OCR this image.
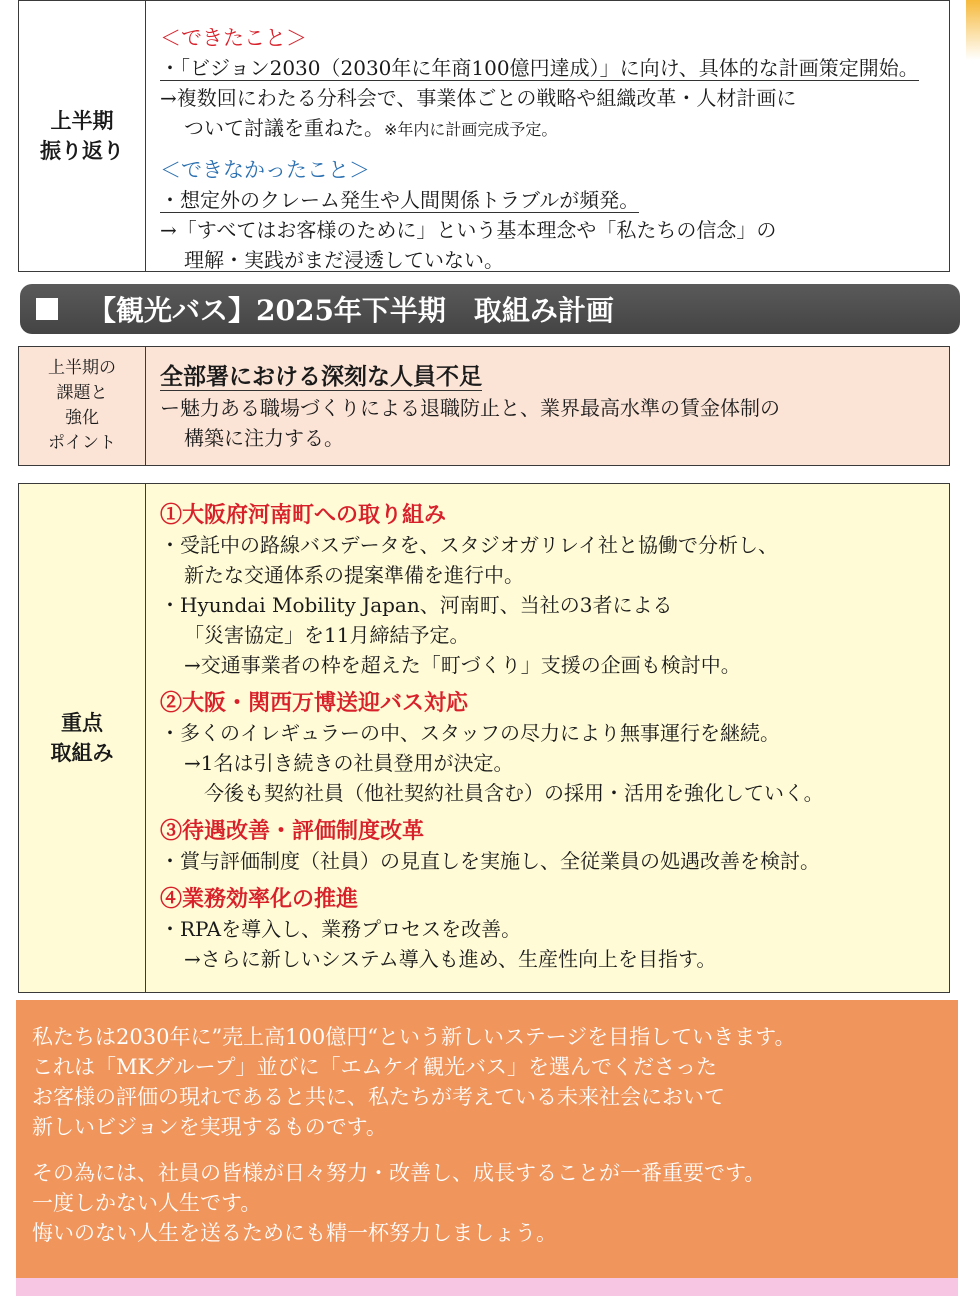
上半期
振り返り
＜できたこと＞
・「ビジョン2030（2030年に年商100億円達成）」に向け、具体的な計画策定開始。
→複数回にわたる分科会で、事業体ごとの戦略や組織改革・人材計画に
ついて討議を重ねた。※年内に計画完成予定。
＜できなかったこと＞
・想定外のクレーム発生や人間関係トラブルが頻発。
→「すべてはお客様のために」という基本理念や「私たちの信念」の
理解・実践がまだ浸透していない。
【観光バス】2025年下半期　取組み計画
上半期の
課題と
強化
ポイント
全部署における深刻な人員不足
ー魅力ある職場づくりによる退職防止と、業界最高水準の賃金体制の
構築に注力する。
重点
取組み
①大阪府河南町への取り組み
・受託中の路線バスデータを、スタジオガリレイ社と協働で分析し、
新たな交通体系の提案準備を進行中。
・Hyundai Mobility Japan、河南町、当社の3者による
「災害協定」を11月締結予定。
→交通事業者の枠を超えた「町づくり」支援の企画も検討中。
②大阪・関西万博送迎バス対応
・多くのイレギュラーの中、スタッフの尽力により無事運行を継続。
→1名は引き続きの社員登用が決定。
今後も契約社員（他社契約社員含む）の採用・活用を強化していく。
③待遇改善・評価制度改革
・賞与評価制度（社員）の見直しを実施し、全従業員の処遇改善を検討。
④業務効率化の推進
・RPAを導入し、業務プロセスを改善。
→さらに新しいシステム導入も進め、生産性向上を目指す。
私たちは2030年に”売上高100億円“という新しいステージを目指していきます。
これは「MKグループ」並びに「エムケイ観光バス」を選んでくださった
お客様の評価の現れであると共に、私たちが考えている未来社会において
新しいビジョンを実現するものです。
その為には、社員の皆様が日々努力・改善し、成長することが一番重要です。
一度しかない人生です。
悔いのない人生を送るためにも精一杯努力しましょう。
